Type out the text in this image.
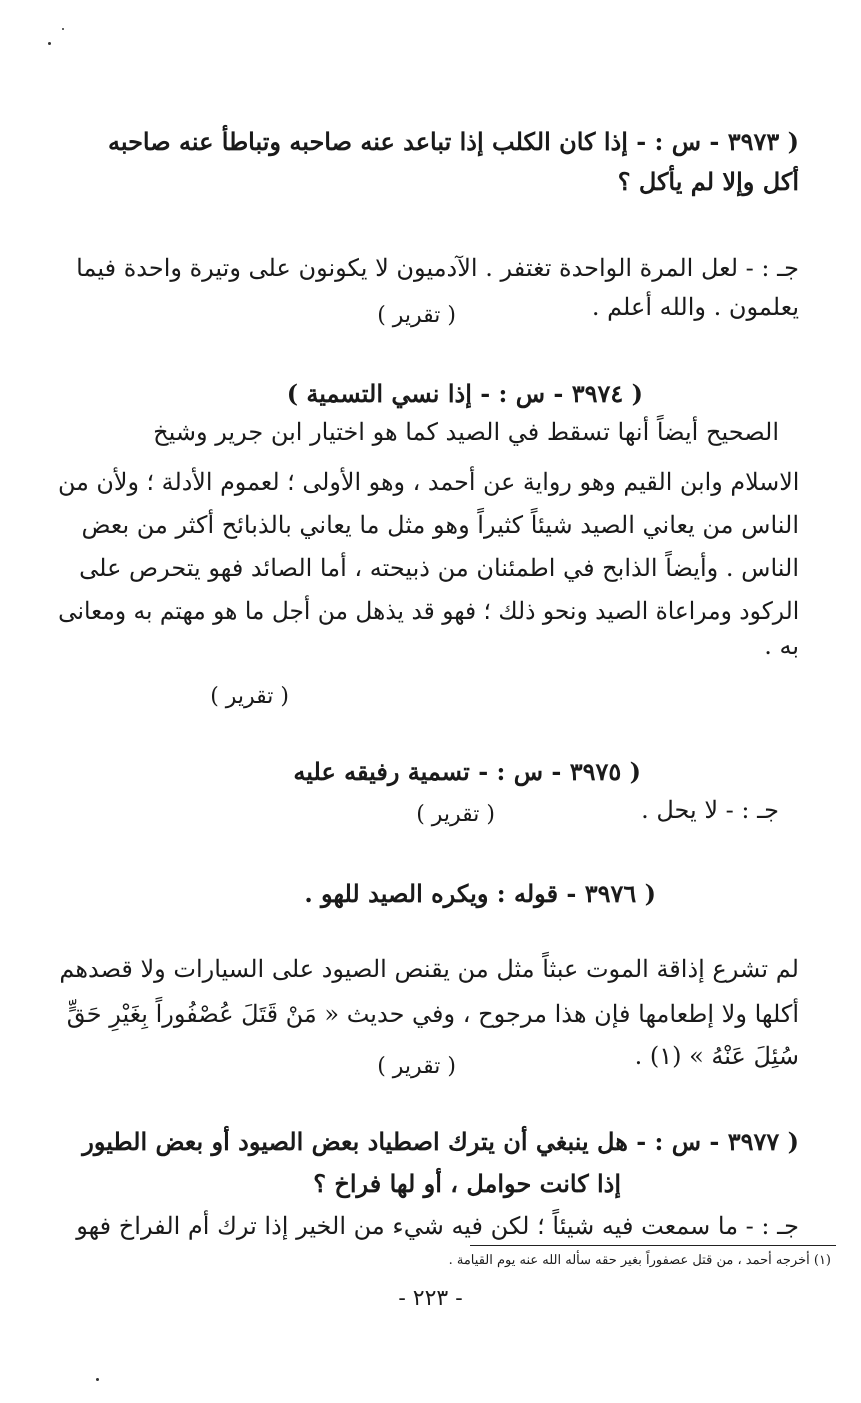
( ٣٩٧٣ - س : - إذا كان الكلب إذا تباعد عنه صاحبه وتباطأ عنه صاحبه
أكل وإلا لم يأكل ؟
جـ : - لعل المرة الواحدة تغتفر . الآدميون لا يكونون على وتيرة واحدة فيما
يعلمون . والله أعلم .
( تقرير )
( ٣٩٧٤ - س : - إذا نسي التسمية )
الصحيح أيضاً أنها تسقط في الصيد كما هو اختيار ابن جرير وشيخ
الاسلام وابن القيم وهو رواية عن أحمد ، وهو الأولى ؛ لعموم الأدلة ؛ ولأن من
الناس من يعاني الصيد شيئاً كثيراً وهو مثل ما يعاني بالذبائح أكثر من بعض
الناس . وأيضاً الذابح في اطمئنان من ذبيحته ، أما الصائد فهو يتحرص على
الركود ومراعاة الصيد ونحو ذلك ؛ فهو قد يذهل من أجل ما هو مهتم به ومعانى
به .
( تقرير )
( ٣٩٧٥ - س : - تسمية رفيقه عليه
جـ : - لا يحل .
( تقرير )
( ٣٩٧٦ - قوله : ويكره الصيد للهو .
لم تشرع إذاقة الموت عبثاً مثل من يقنص الصيود على السيارات ولا قصدهم
أكلها ولا إطعامها فإن هذا مرجوح ، وفي حديث « مَنْ قَتَلَ عُصْفُوراً بِغَيْرِ حَقٍّ
سُئِلَ عَنْهُ » (١) .
( تقرير )
( ٣٩٧٧ - س : - هل ينبغي أن يترك اصطياد بعض الصيود أو بعض الطيور
إذا كانت حوامل ، أو لها فراخ ؟
جـ : - ما سمعت فيه شيئاً ؛ لكن فيه شيء من الخير إذا ترك أم الفراخ فهو
(١) أخرجه أحمد ، من قتل عصفوراً بغير حقه سأله الله عنه يوم القيامة .
- ٢٢٣ -
